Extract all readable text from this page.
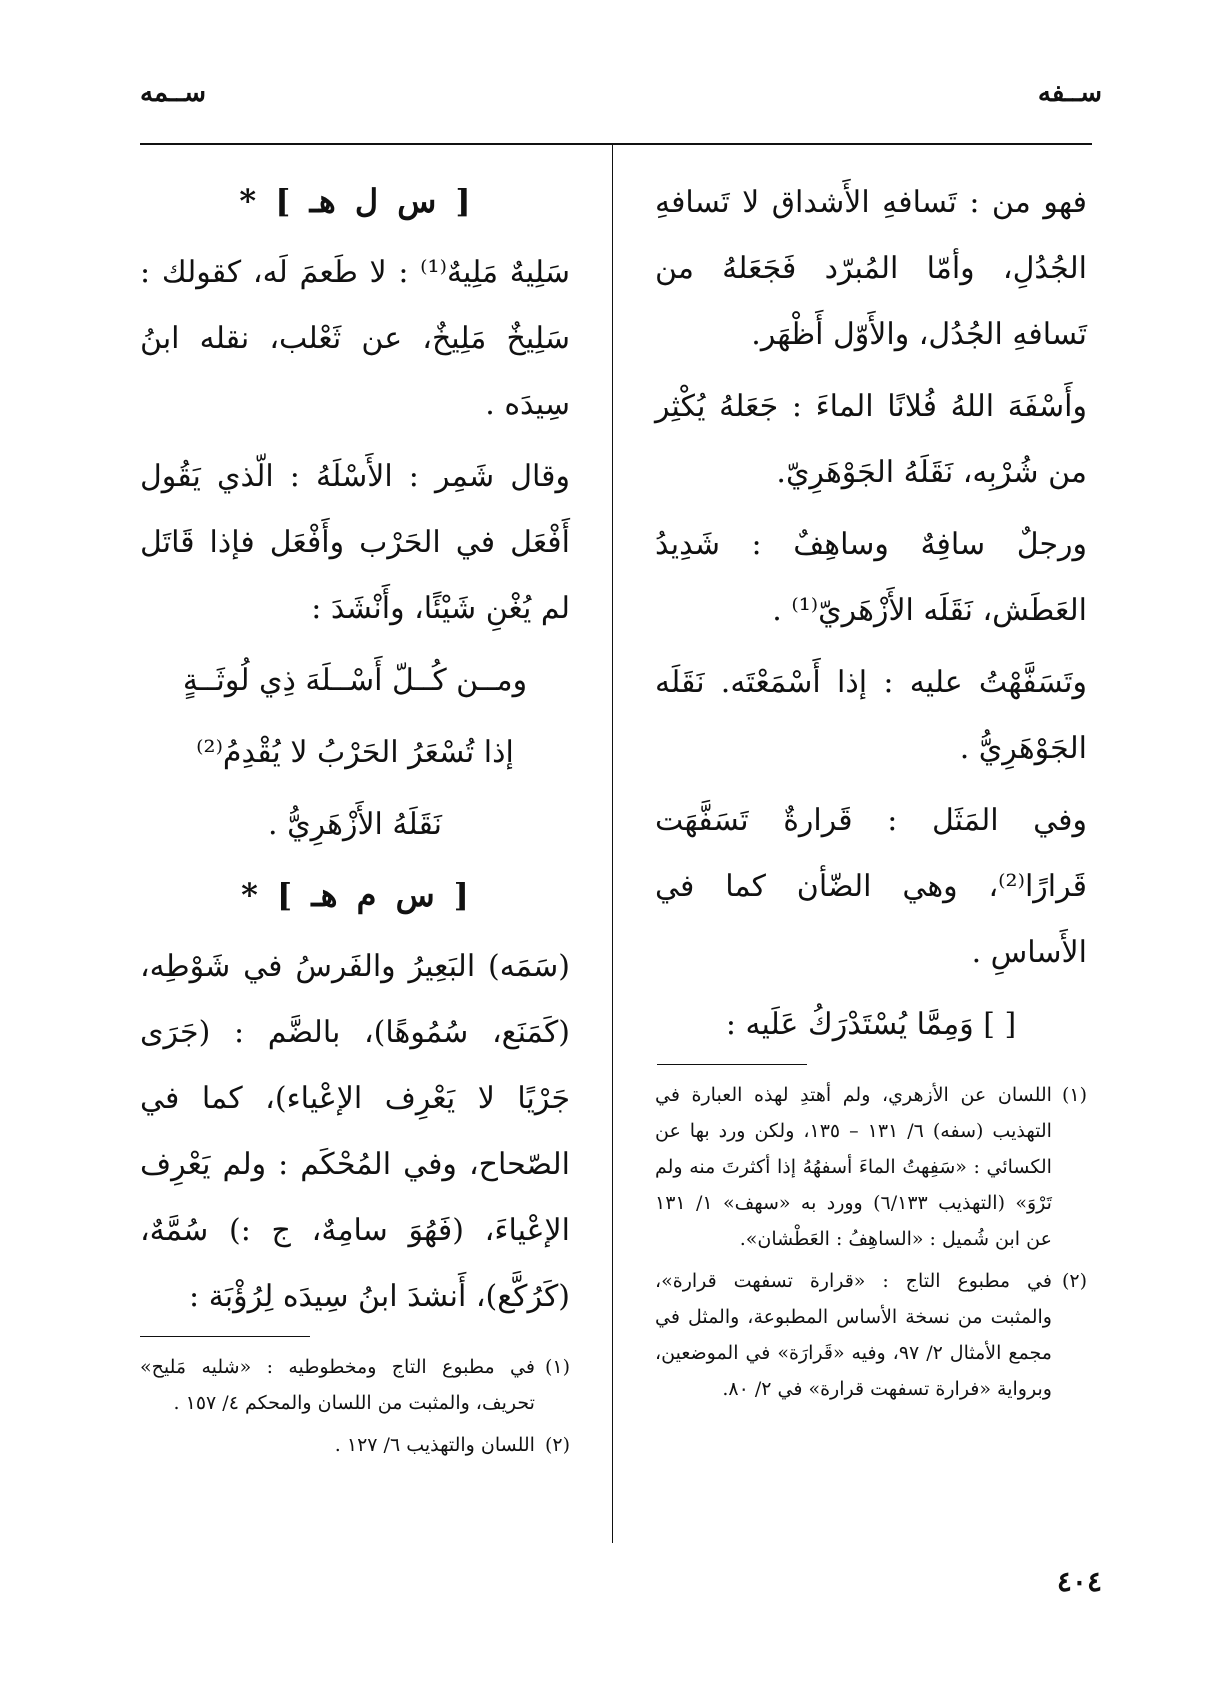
ســفه
ســمه

فهو من : تَسافهِ الأَشداق لا تَسافهِ الجُدُلِ، وأمّا المُبرّد فَجَعَلهُ من تَسافهِ الجُدُل، والأَوّل أَظْهَر.

وأَسْفَهَ اللهُ فُلانًا الماءَ : جَعَلهُ يُكْثِر من شُرْبِه، نَقَلَهُ الجَوْهَرِيّ.

ورجلٌ سافِهٌ وساهِفٌ : شَدِيدُ العَطَش، نَقَلَه الأَزْهَريّ⁽¹⁾ .

وتَسَفَّهْتُ عليه : إذا أَسْمَعْتَه. نَقَلَه الجَوْهَرِيُّ .

وفي المَثَل : قَرارةٌ تَسَفَّهَت قَرارًا⁽²⁾، وهي الضّأن كما في الأَساسِ .

[ ] وَمِمَّا يُسْتَدْرَكُ عَلَيه :

(١)
اللسان عن الأزهري، ولم أهتدِ لهذه العبارة في التهذيب (سفه) ٦/ ١٣١ – ١٣٥، ولكن ورد بها عن الكسائي : «سَفِهتُ الماءَ أسفهُهُ إذا أكثرتَ منه ولم تَرْوَ» (التهذيب ٦/١٣٣) وورد به «سهف» ١/ ١٣١ عن ابن شُميل : «الساهِفُ : العَطْشان».
(٢)
في مطبوع التاج : «قرارة تسفهت قرارة»، والمثبت من نسخة الأساس المطبوعة، والمثل في مجمع الأمثال ٢/ ٩٧، وفيه «قَرارَة» في الموضعين، وبرواية «فرارة تسفهت قرارة» في ٢/ ٨٠.
[ س ل هـ ] *

سَلِيهٌ مَلِيهٌ⁽¹⁾ : لا طَعمَ لَه، كقولك : سَلِيخٌ مَلِيخٌ، عن ثَعْلب، نقله ابنُ سِيدَه .

وقال شَمِر : الأَسْلَهُ : الّذي يَقُول أَفْعَل في الحَرْب وأَفْعَل فإذا قَاتَل لم يُغْنِ شَيْئًا، وأَنْشَدَ :

ومــن كُــلّ أَسْــلَهَ ذِي لُوثَــةٍ

إذا تُسْعَرُ الحَرْبُ لا يُقْدِمُ⁽²⁾

نَقَلَهُ الأَزْهَرِيُّ .

[ س م هـ ] *

(سَمَه) البَعِيرُ والفَرسُ في شَوْطِه، (كَمَنَع، سُمُوهًا)، بالضَّم : (جَرَى جَرْيًا لا يَعْرِف الإعْياء)، كما في الصّحاح، وفي المُحْكَم : ولم يَعْرِف الإعْياءَ، (فَهُوَ سامِهٌ، ج :) سُمَّهٌ، (كَرُكَّع)، أَنشدَ ابنُ سِيدَه لِرُؤْبَة :

(١)
في مطبوع التاج ومخطوطيه : «شليه مَليح» تحريف، والمثبت من اللسان والمحكم ٤/ ١٥٧ .
(٢)
اللسان والتهذيب ٦/ ١٢٧ .
٤٠٤
